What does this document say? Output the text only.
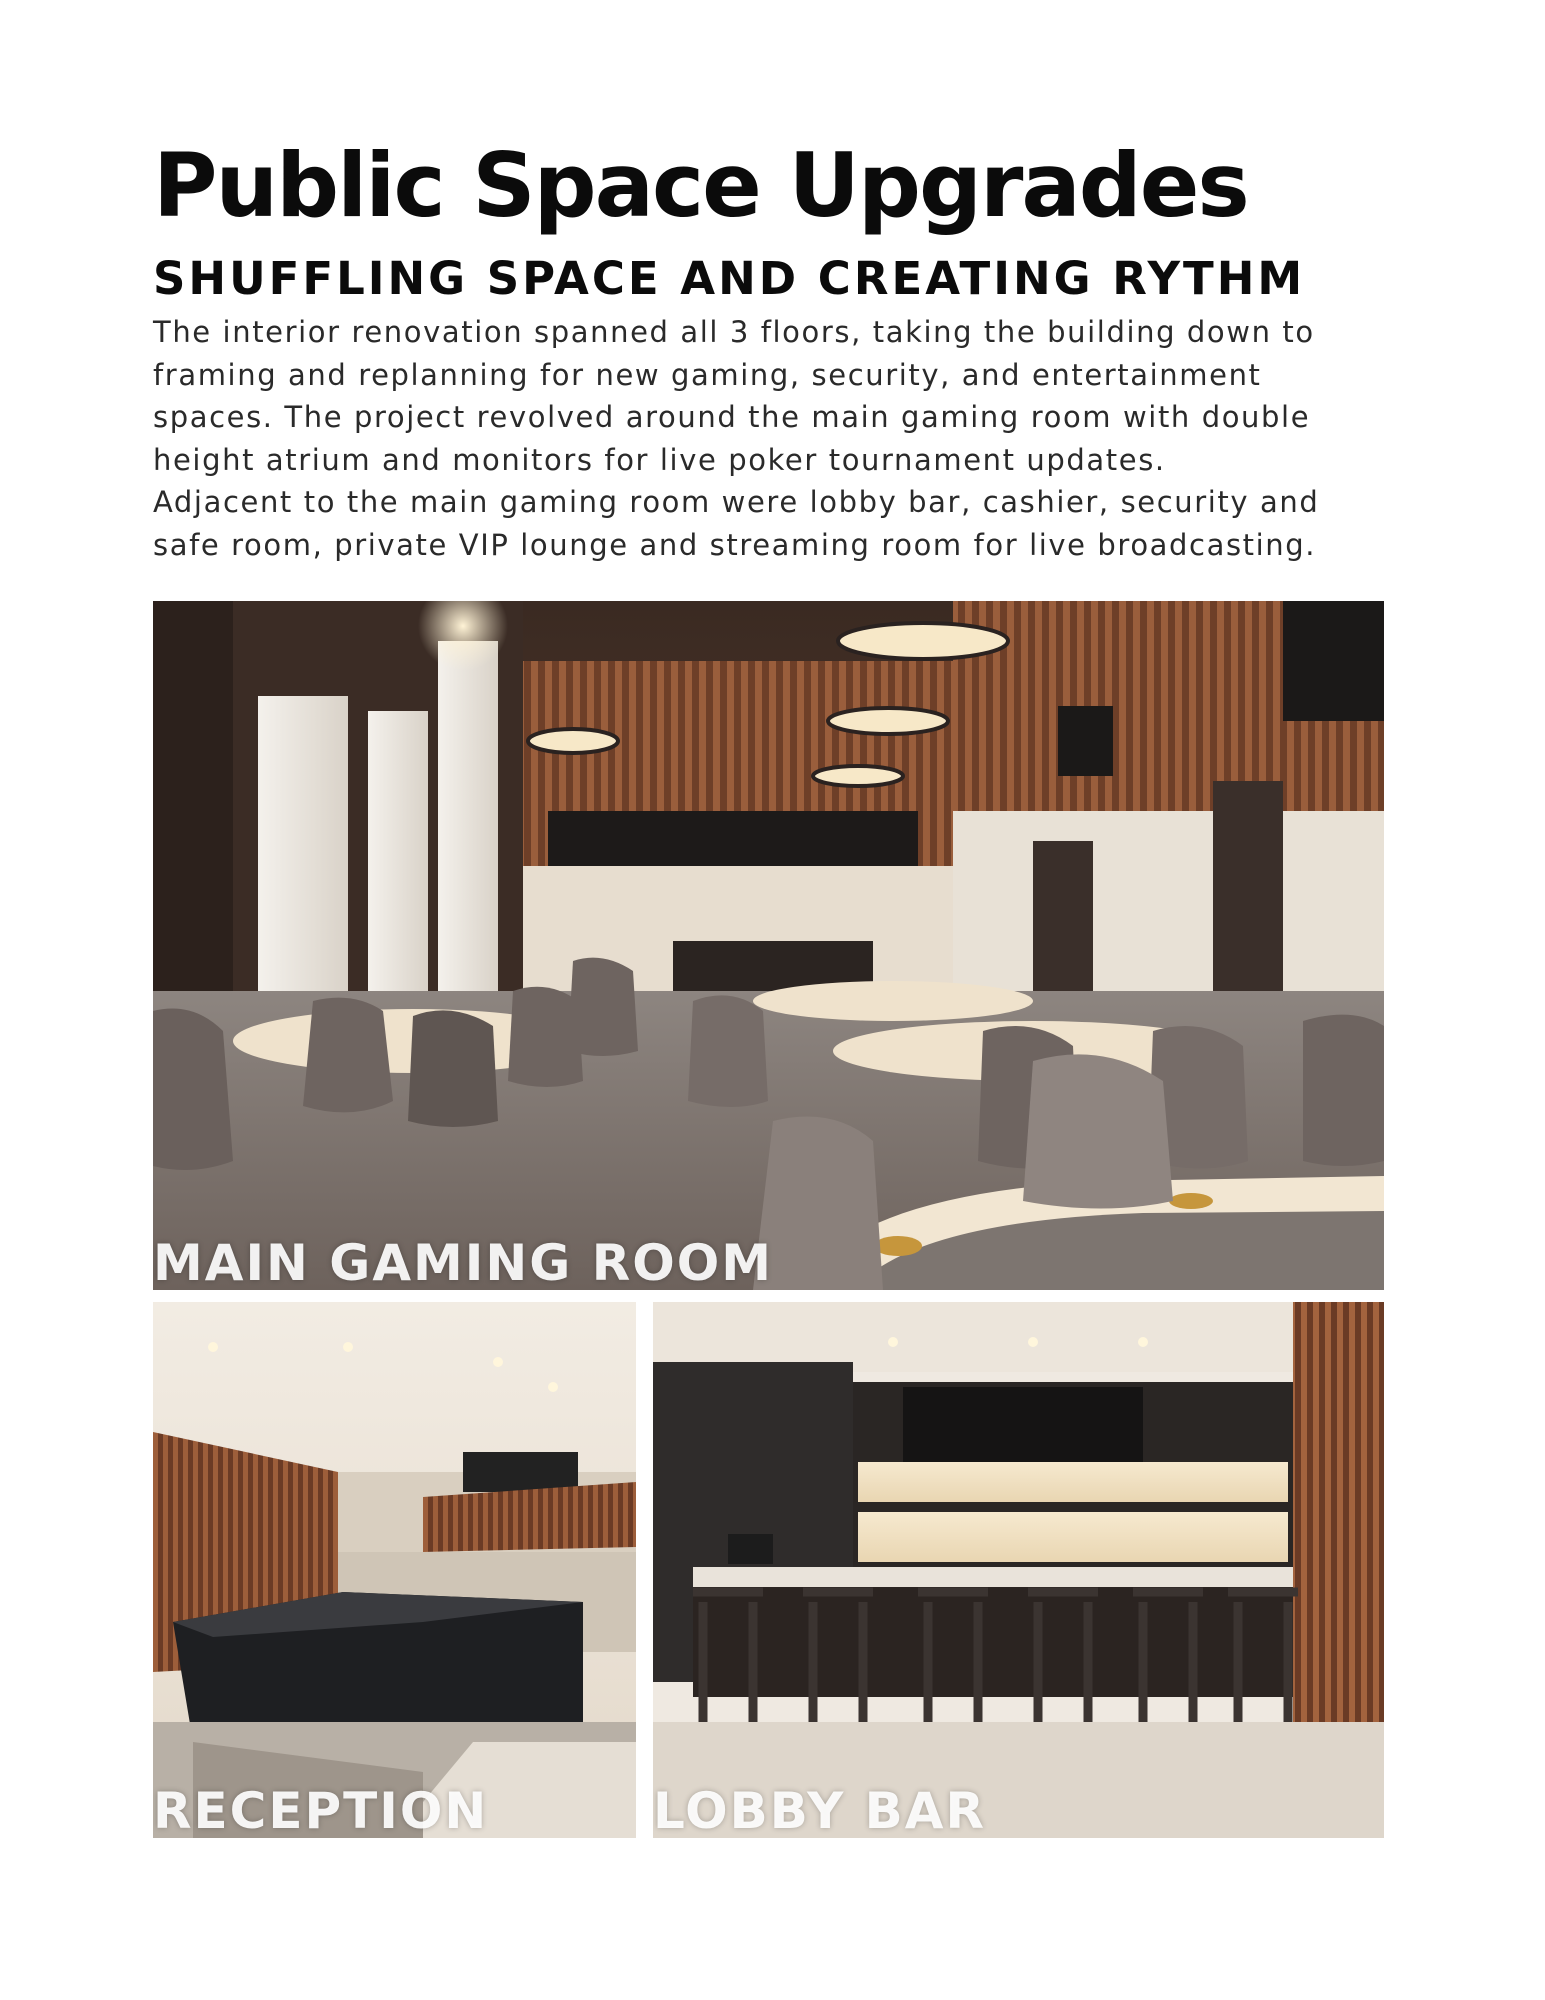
Public Space Upgrades
SHUFFLING SPACE AND CREATING RYTHM

The interior renovation spanned all 3 floors, taking the building down to
framing and replanning for new gaming, security, and entertainment
spaces. The project revolved around the main gaming room with double
height atrium and monitors for live poker tournament updates.
Adjacent to the main gaming room were lobby bar, cashier, security and
safe room, private VIP lounge and streaming room for live broadcasting.

MAIN GAMING ROOM
RECEPTION	LOBBY BAR
